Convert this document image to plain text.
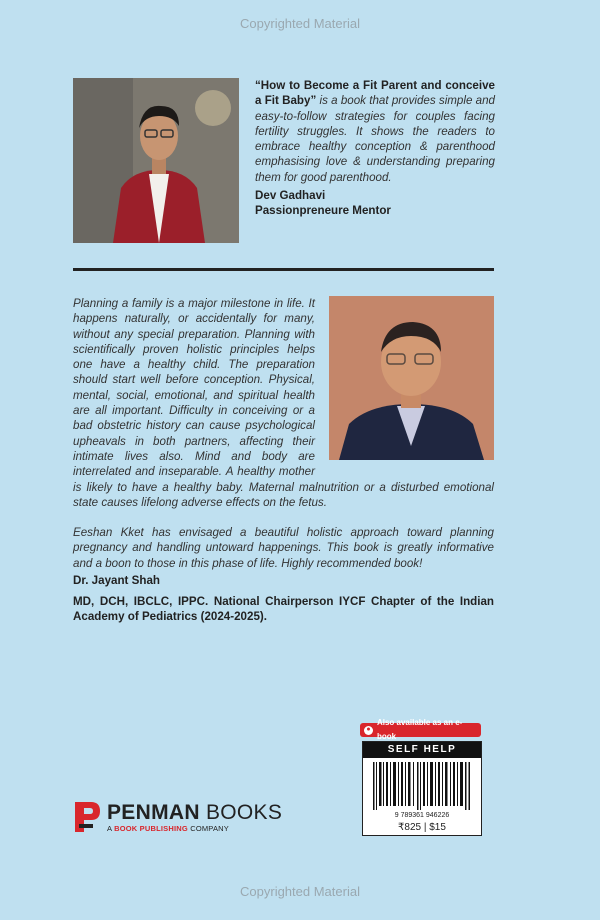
Copyrighted Material
“How to Become a Fit Parent and conceive a Fit Baby” is a book that provides simple and easy-to-follow strategies for couples facing fertility struggles. It shows the readers to embrace healthy conception & parenthood emphasising love & understanding preparing them for good parenthood.
Dev Gadhavi
Passionpreneure Mentor
Planning a family is a major milestone in life. It happens naturally, or accidentally for many, without any special preparation. Planning with scientifically proven holistic principles helps one have a healthy child. The preparation should start well before conception. Physical, mental, social, emotional, and spiritual health are all important. Difficulty in conceiving or a bad obstetric history can cause psychological upheavals in both partners, affecting their intimate lives also. Mind and body are interrelated and inseparable. A healthy mother is likely to have a healthy baby. Maternal malnutrition or a disturbed emotional state causes lifelong adverse effects on the fetus.
Eeshan Kket has envisaged a beautiful holistic approach toward planning pregnancy and handling untoward happenings. This book is greatly informative and a boon to those in this phase of life. Highly recommended book!
Dr. Jayant Shah
MD, DCH, IBCLC, IPPC. National Chairperson IYCF Chapter of the Indian Academy of Pediatrics (2024-2025).
●
Also available as an e-book
SELF HELP
9 789361 946226
₹825 | $15
PENMAN BOOKS
A BOOK PUBLISHING COMPANY
Copyrighted Material
